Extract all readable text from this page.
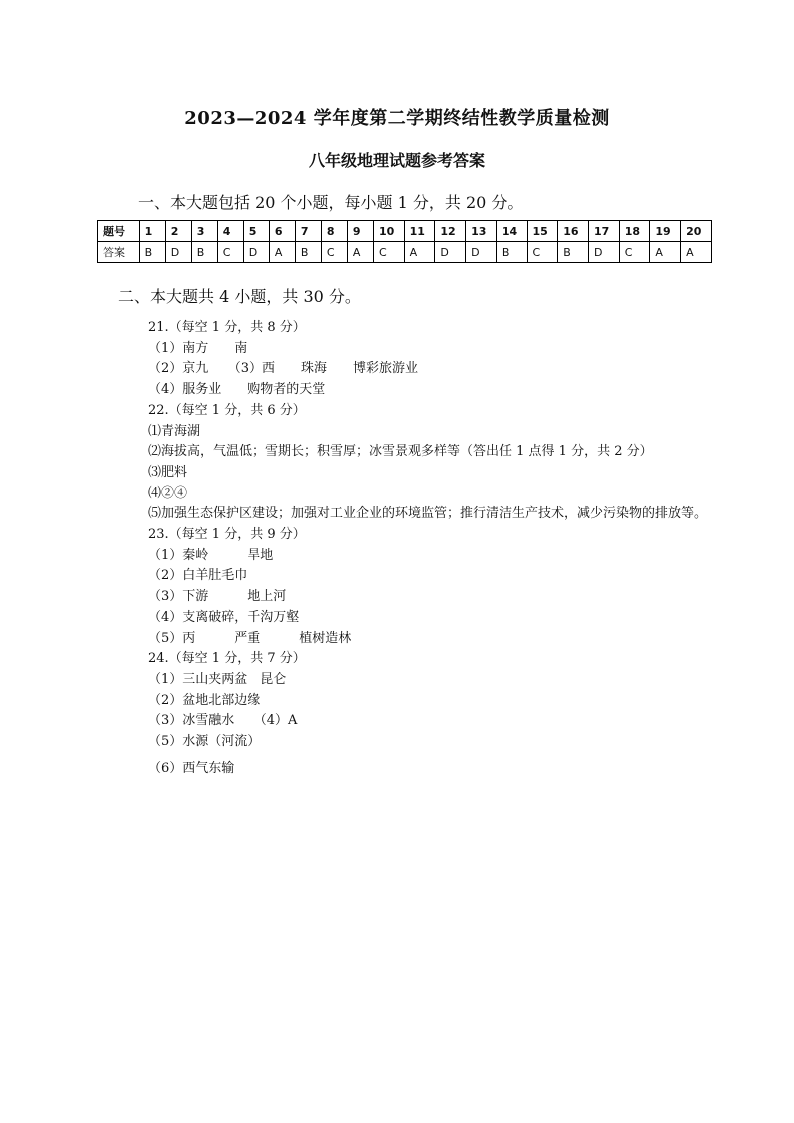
2023—2024 学年度第二学期终结性教学质量检测
八年级地理试题参考答案
一、本大题包括 20 个小题，每小题 1 分，共 20 分。
题号	1	2	3	4	5	6	7	8	9	10	11	12	13	14	15	16	17	18	19	20
答案	B	D	B	C	D	A	B	C	A	C	A	D	D	B	C	B	D	C	A	A
二、本大题共 4 小题，共 30 分。
21.（每空 1 分，共 8 分）
（1）南方　　南
（2）京九　　（3）西　　珠海　　博彩旅游业
（4）服务业　　购物者的天堂
22.（每空 1 分，共 6 分）
⑴青海湖
⑵海拔高，气温低；雪期长；积雪厚；冰雪景观多样等（答出任 1 点得 1 分，共 2 分）
⑶肥料
⑷②④
⑸加强生态保护区建设；加强对工业企业的环境监管；推行清洁生产技术，减少污染物的排放等。
23.（每空 1 分，共 9 分）
（1）秦岭　　　旱地
（2）白羊肚毛巾
（3）下游　　　地上河
（4）支离破碎，千沟万壑
（5）丙　　　严重　　　植树造林
24.（每空 1 分，共 7 分）
（1）三山夹两盆　昆仑
（2）盆地北部边缘
（3）冰雪融水　　（4）A
（5）水源（河流）
（6）西气东输
